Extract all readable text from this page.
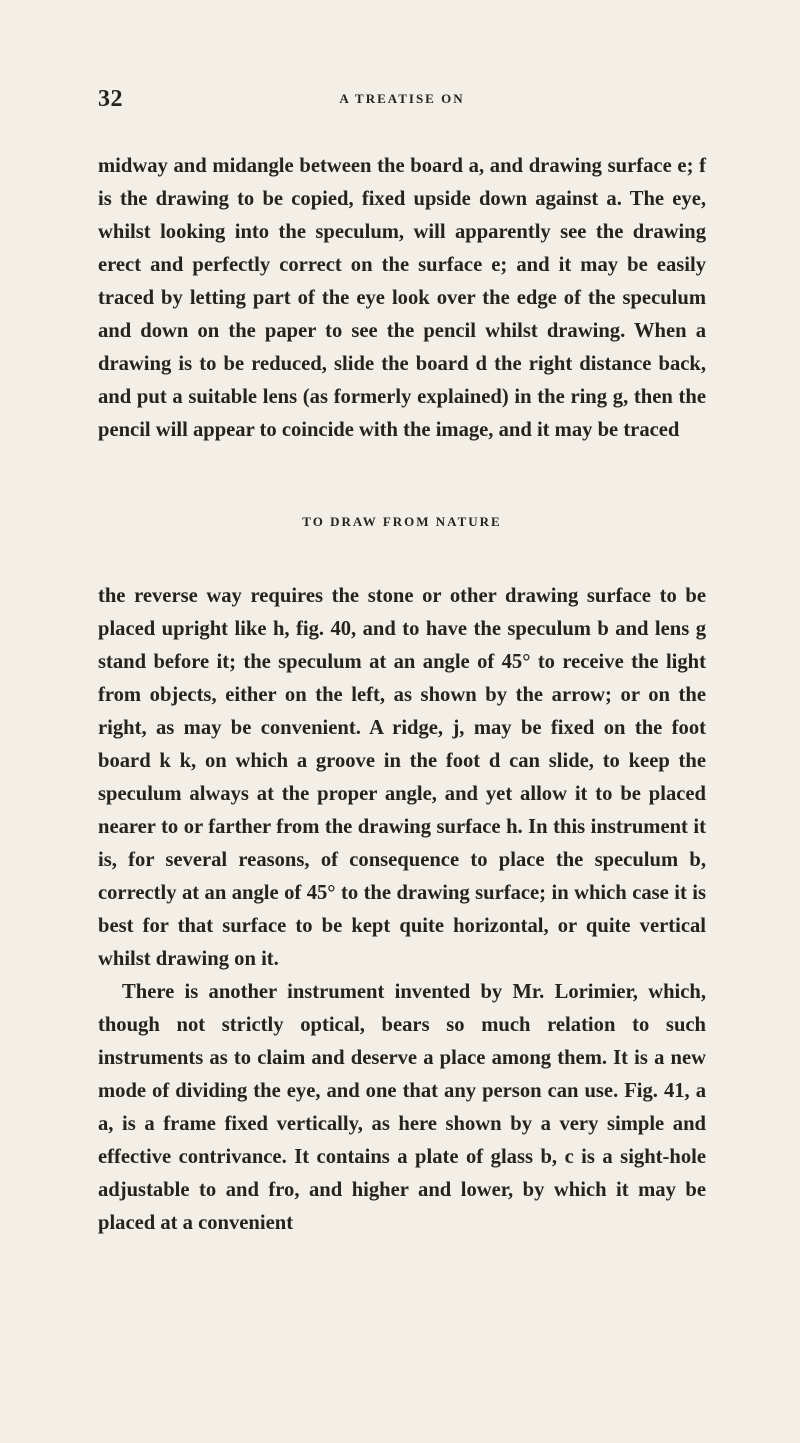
32	A TREATISE ON

midway and midangle between the board a, and drawing surface e; f is the drawing to be copied, fixed upside down against a. The eye, whilst looking into the speculum, will apparently see the drawing erect and perfectly correct on the surface e; and it may be easily traced by letting part of the eye look over the edge of the speculum and down on the paper to see the pencil whilst drawing. When a drawing is to be reduced, slide the board d the right distance back, and put a suitable lens (as formerly explained) in the ring g, then the pencil will appear to coincide with the image, and it may be traced

TO DRAW FROM NATURE

the reverse way requires the stone or other drawing surface to be placed upright like h, fig. 40, and to have the speculum b and lens g stand before it; the speculum at an angle of 45° to receive the light from objects, either on the left, as shown by the arrow; or on the right, as may be convenient. A ridge, j, may be fixed on the foot board k k, on which a groove in the foot d can slide, to keep the speculum always at the proper angle, and yet allow it to be placed nearer to or farther from the drawing surface h. In this instrument it is, for several reasons, of consequence to place the speculum b, correctly at an angle of 45° to the drawing surface; in which case it is best for that surface to be kept quite horizontal, or quite vertical whilst drawing on it.

There is another instrument invented by Mr. Lorimier, which, though not strictly optical, bears so much relation to such instruments as to claim and deserve a place among them. It is a new mode of dividing the eye, and one that any person can use. Fig. 41, a a, is a frame fixed vertically, as here shown by a very simple and effective contrivance. It contains a plate of glass b, c is a sight-hole adjustable to and fro, and higher and lower, by which it may be placed at a convenient
